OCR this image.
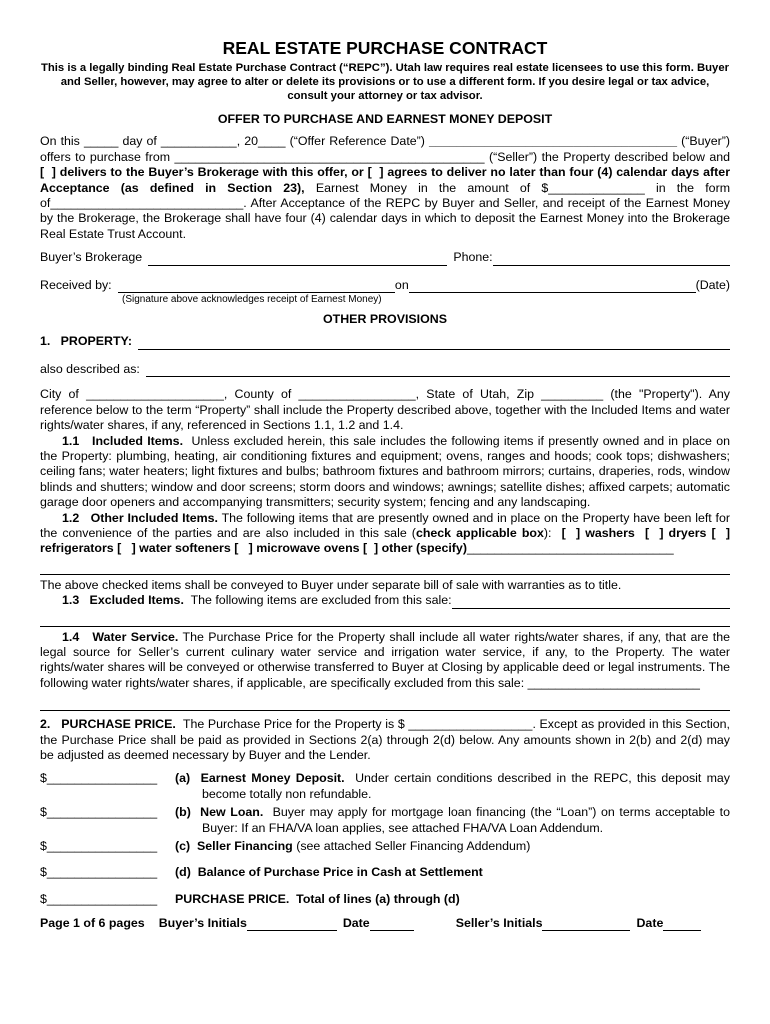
REAL ESTATE PURCHASE CONTRACT
This is a legally binding Real Estate Purchase Contract (“REPC”). Utah law requires real estate licensees to use this form. Buyer and Seller, however, may agree to alter or delete its provisions or to use a different form. If you desire legal or tax advice, consult your attorney or tax advisor.
OFFER TO PURCHASE AND EARNEST MONEY DEPOSIT
On this _____ day of ___________, 20____ (“Offer Reference Date”) ____________________________________ (“Buyer”) offers to purchase from _____________________________________________ (“Seller”) the Property described below and [  ] delivers to the Buyer’s Brokerage with this offer, or [  ] agrees to deliver no later than four (4) calendar days after Acceptance (as defined in Section 23), Earnest Money in the amount of $______________ in the form of____________________________. After Acceptance of the REPC by Buyer and Seller, and receipt of the Earnest Money by the Brokerage, the Brokerage shall have four (4) calendar days in which to deposit the Earnest Money into the Brokerage Real Estate Trust Account.
Buyer’s Brokerage	Phone:
Received by:	on	(Date)
(Signature above acknowledges receipt of Earnest Money)
OTHER PROVISIONS
1.   PROPERTY:
also described as:
City of ____________________, County of _________________, State of Utah, Zip _________ (the "Property"). Any reference below to the term “Property” shall include the Property described above, together with the Included Items and water rights/water shares, if any, referenced in Sections 1.1, 1.2 and 1.4.
1.1   Included Items.  Unless excluded herein, this sale includes the following items if presently owned and in place on the Property: plumbing, heating, air conditioning fixtures and equipment; ovens, ranges and hoods; cook tops; dishwashers; ceiling fans; water heaters; light fixtures and bulbs; bathroom fixtures and bathroom mirrors; curtains, draperies, rods, window blinds and shutters; window and door screens; storm doors and windows; awnings; satellite dishes; affixed carpets; automatic garage door openers and accompanying transmitters; security system; fencing and any landscaping.
1.2   Other Included Items. The following items that are presently owned and in place on the Property have been left for the convenience of the parties and are also included in this sale (check applicable box):  [  ] washers [  ] dryers [  ] refrigerators [   ] water softeners [   ] microwave ovens [  ] other (specify)______________________________
The above checked items shall be conveyed to Buyer under separate bill of sale with warranties as to title.
1.3   Excluded Items.  The following items are excluded from this sale:
1.4   Water Service. The Purchase Price for the Property shall include all water rights/water shares, if any, that are the legal source for Seller’s current culinary water service and irrigation water service, if any, to the Property. The water rights/water shares will be conveyed or otherwise transferred to Buyer at Closing by applicable deed or legal instruments. The following water rights/water shares, if applicable, are specifically excluded from this sale: _________________________
2.   PURCHASE PRICE.  The Purchase Price for the Property is $ __________________. Except as provided in this Section, the Purchase Price shall be paid as provided in Sections 2(a) through 2(d) below. Any amounts shown in 2(b) and 2(d) may be adjusted as deemed necessary by Buyer and the Lender.
$________________	(a)  Earnest Money Deposit.  Under certain conditions described in the REPC, this deposit may become totally non refundable.
$________________	(b)  New Loan.  Buyer may apply for mortgage loan financing (the “Loan”) on terms acceptable to Buyer: If an FHA/VA loan applies, see attached FHA/VA Loan Addendum.
$________________	(c)  Seller Financing (see attached Seller Financing Addendum)
$________________	(d)  Balance of Purchase Price in Cash at Settlement
$________________	PURCHASE PRICE.  Total of lines (a) through (d)
Page 1 of 6 pages Buyer’s Initials	Date	Seller’s Initials	Date
